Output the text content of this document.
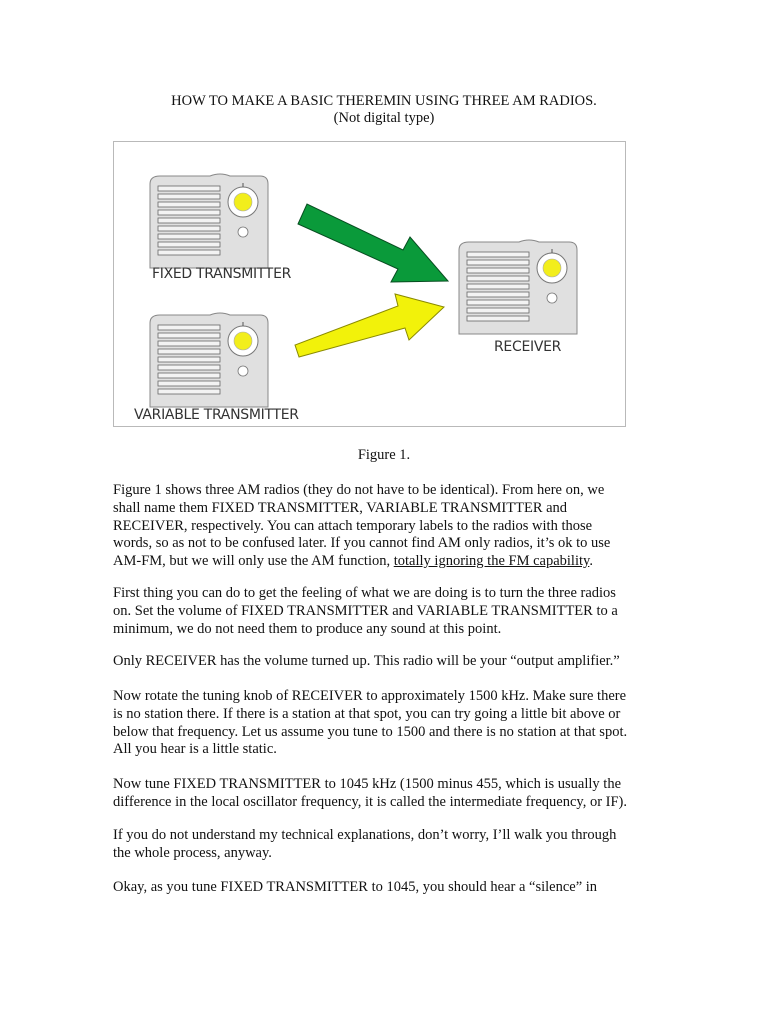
HOW TO MAKE A BASIC THEREMIN USING THREE AM RADIOS.
(Not digital type)
FIXED TRANSMITTER
VARIABLE TRANSMITTER
RECEIVER
Figure 1.

Figure 1 shows three AM radios (they do not have to be identical). From here on, we shall name them FIXED TRANSMITTER, VARIABLE TRANSMITTER and RECEIVER, respectively. You can attach temporary labels to the radios with those words, so as not to be confused later. If you cannot find AM only radios, it’s ok to use AM-FM, but we will only use the AM function, totally ignoring the FM capability.

First thing you can do to get the feeling of what we are doing is to turn the three radios on. Set the volume of FIXED TRANSMITTER and VARIABLE TRANSMITTER to a minimum, we do not need them to produce any sound at this point.

Only RECEIVER has the volume turned up. This radio will be your “output amplifier.”

Now rotate the tuning knob of RECEIVER to approximately 1500 kHz. Make sure there is no station there. If there is a station at that spot, you can try going a little bit above or below that frequency. Let us assume you tune to 1500 and there is no station at that spot. All you hear is a little static.

Now tune FIXED TRANSMITTER to 1045 kHz (1500 minus 455, which is usually the difference in the local oscillator frequency, it is called the intermediate frequency, or IF).

If you do not understand my technical explanations, don’t worry, I’ll walk you through the whole process, anyway.

Okay, as you tune FIXED TRANSMITTER to 1045, you should hear a “silence” in
